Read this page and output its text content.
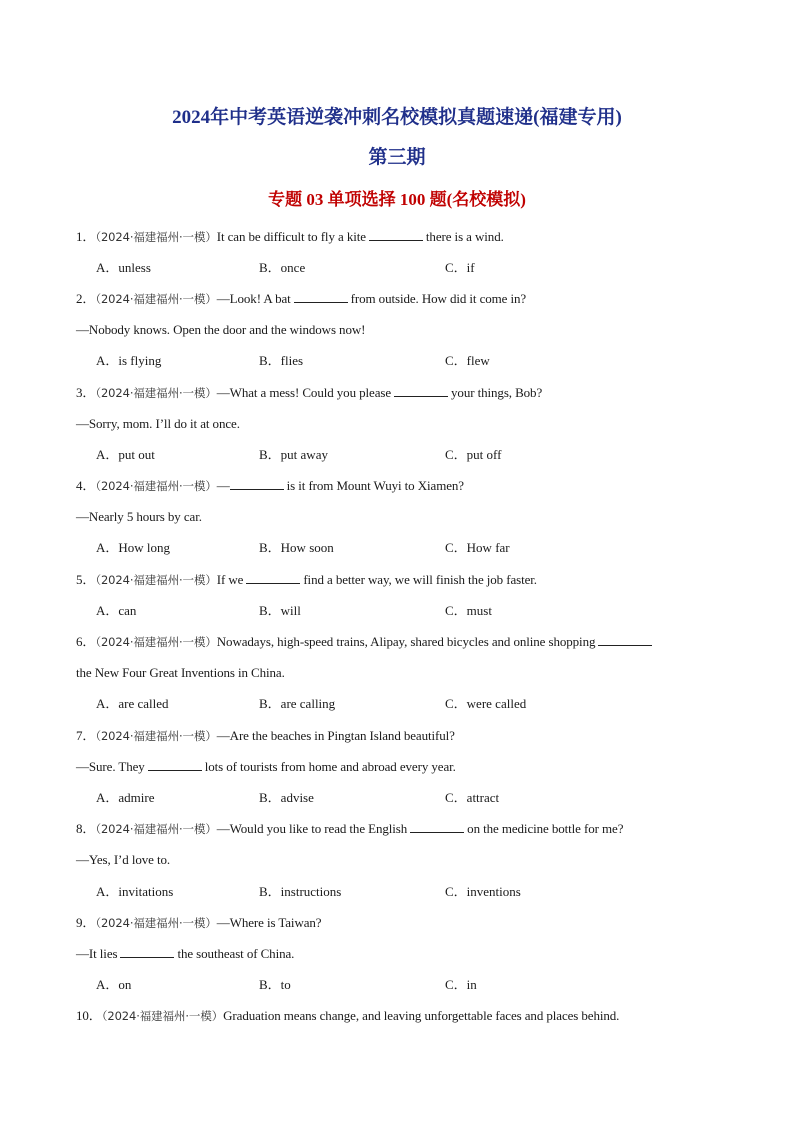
2024年中考英语逆袭冲刺名校模拟真题速递(福建专用)
第三期
专题 03 单项选择 100 题(名校模拟)
1．（2024·福建福州·一模）It can be difficult to fly a kite	there is a wind.
A．unless	B．once	C．if
2．（2024·福建福州·一模）—Look! A bat	from outside. How did it come in?
—Nobody knows. Open the door and the windows now!
A．is flying	B．flies	C．flew
3．（2024·福建福州·一模）—What a mess! Could you please	your things, Bob?
—Sorry, mom. I’ll do it at once.
A．put out	B．put away	C．put off
4．（2024·福建福州·一模）—	is it from Mount Wuyi to Xiamen?
—Nearly 5 hours by car.
A．How long	B．How soon	C．How far
5．（2024·福建福州·一模）If we	find a better way, we will finish the job faster.
A．can	B．will	C．must
6．（2024·福建福州·一模）Nowadays, high-speed trains, Alipay, shared bicycles and online shopping
the New Four Great Inventions in China.
A．are called	B．are calling	C．were called
7．（2024·福建福州·一模）—Are the beaches in Pingtan Island beautiful?
—Sure. They	lots of tourists from home and abroad every year.
A．admire	B．advise	C．attract
8．（2024·福建福州·一模）—Would you like to read the English	on the medicine bottle for me?
—Yes, I’d love to.
A．invitations	B．instructions	C．inventions
9．（2024·福建福州·一模）—Where is Taiwan?
—It lies	the southeast of China.
A．on	B．to	C．in
10．（2024·福建福州·一模）Graduation means change, and leaving unforgettable faces and places behind.
